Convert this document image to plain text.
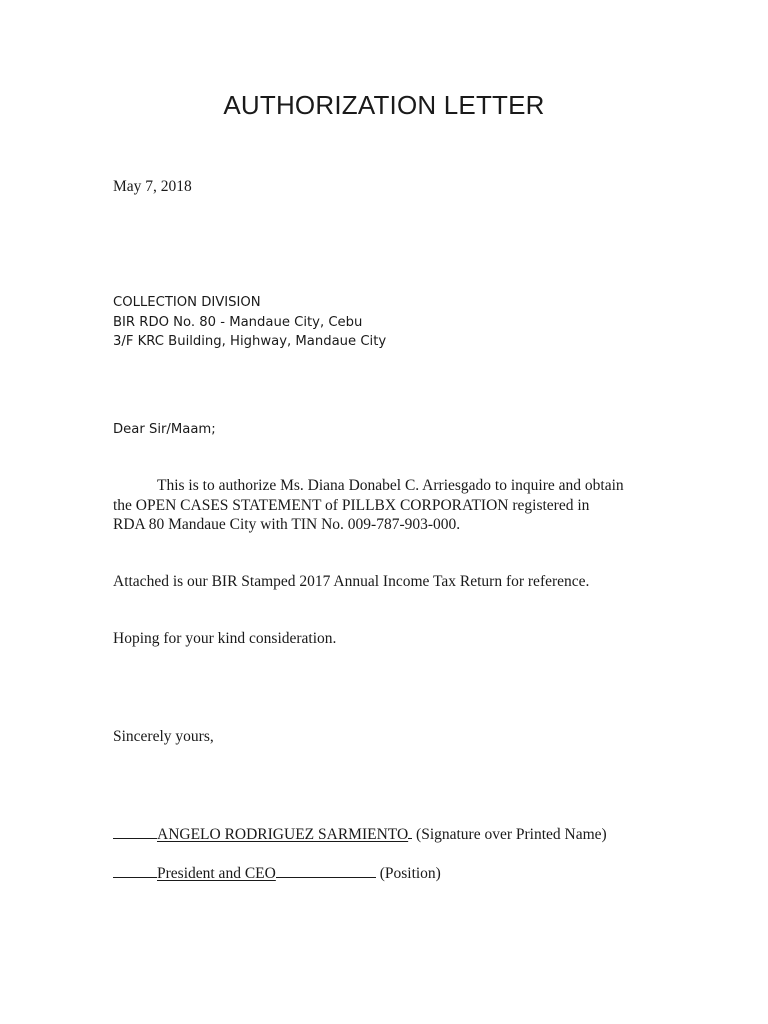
AUTHORIZATION LETTER
May 7, 2018
COLLECTION DIVISION
BIR RDO No. 80 - Mandaue City, Cebu
3/F KRC Building, Highway, Mandaue City
Dear Sir/Maam;
This is to authorize Ms. Diana Donabel C. Arriesgado to inquire and obtain
the OPEN CASES STATEMENT of PILLBX CORPORATION registered in
RDA 80 Mandaue City with TIN No. 009-787-903-000.
Attached is our BIR Stamped 2017 Annual Income Tax Return for reference.
Hoping for your kind consideration.
Sincerely yours,
ANGELO RODRIGUEZ SARMIENTO (Signature over Printed Name)
President and CEO	(Position)
